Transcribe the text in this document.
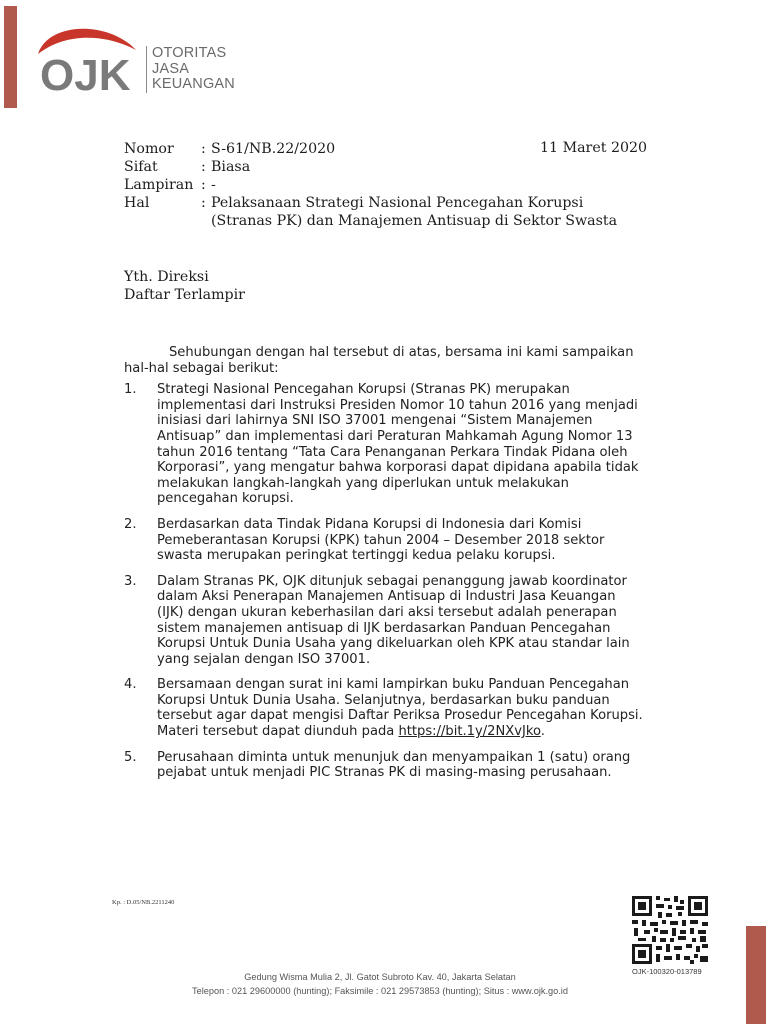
OJK OTORITAS
JASA
KEUANGAN
Nomor	: S-61/NB.22/2020
Sifat	: Biasa
Lampiran : -
Hal	: Pelaksanaan Strategi Nasional Pencegahan Korupsi
(Stranas PK) dan Manajemen Antisuap di Sektor Swasta
11 Maret 2020
Yth. Direksi
Daftar Terlampir

Sehubungan dengan hal tersebut di atas, bersama ini kami sampaikan hal-hal sebagai berikut:

1.	Strategi Nasional Pencegahan Korupsi (Stranas PK) merupakan implementasi dari Instruksi Presiden Nomor 10 tahun 2016 yang menjadi inisiasi dari lahirnya SNI ISO 37001 mengenai “Sistem Manajemen Antisuap” dan implementasi dari Peraturan Mahkamah Agung Nomor 13 tahun 2016 tentang “Tata Cara Penanganan Perkara Tindak Pidana oleh Korporasi”, yang mengatur bahwa korporasi dapat dipidana apabila tidak melakukan langkah-langkah yang diperlukan untuk melakukan pencegahan korupsi.
2.	Berdasarkan data Tindak Pidana Korupsi di Indonesia dari Komisi Pemeberantasan Korupsi (KPK) tahun 2004 – Desember 2018 sektor swasta merupakan peringkat tertinggi kedua pelaku korupsi.
3.	Dalam Stranas PK, OJK ditunjuk sebagai penanggung jawab koordinator dalam Aksi Penerapan Manajemen Antisuap di Industri Jasa Keuangan (IJK) dengan ukuran keberhasilan dari aksi tersebut adalah penerapan sistem manajemen antisuap di IJK berdasarkan Panduan Pencegahan Korupsi Untuk Dunia Usaha yang dikeluarkan oleh KPK atau standar lain yang sejalan dengan ISO 37001.
4.	Bersamaan dengan surat ini kami lampirkan buku Panduan Pencegahan Korupsi Untuk Dunia Usaha. Selanjutnya, berdasarkan buku panduan tersebut agar dapat mengisi Daftar Periksa Prosedur Pencegahan Korupsi. Materi tersebut dapat diunduh pada https://bit.1y/2NXvJko.
5.	Perusahaan diminta untuk menunjuk dan menyampaikan 1 (satu) orang pejabat untuk menjadi PIC Stranas PK di masing-masing perusahaan.
Kp. : D.05/NB.2211240
OJK-100320-013789
Gedung Wisma Mulia 2, Jl. Gatot Subroto Kav. 40, Jakarta Selatan
Telepon : 021 29600000 (hunting); Faksimile : 021 29573853 (hunting); Situs : www.ojk.go.id
